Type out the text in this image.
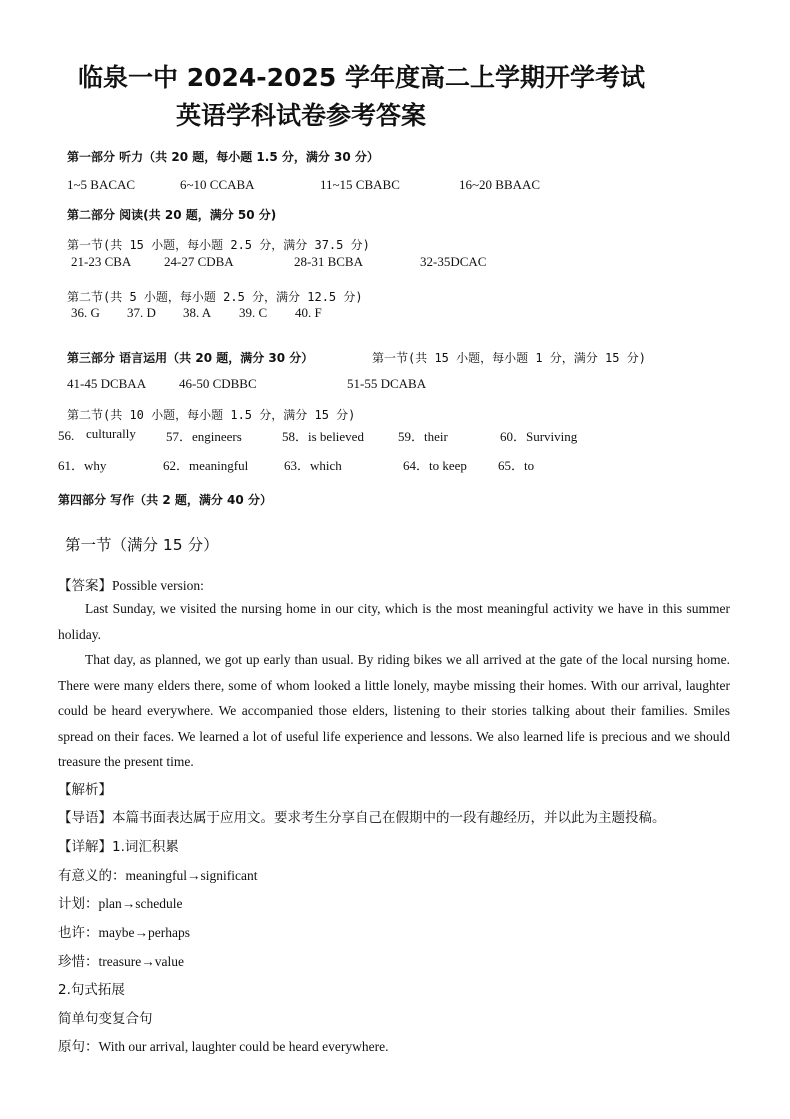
临泉一中 2024-2025 学年度高二上学期开学考试
英语学科试卷参考答案
第一部分 听力（共 20 题，每小题 1.5 分，满分 30 分）
1~5 BACAC	6~10 CCABA	11~15 CBABC	16~20 BBAAC
第二部分 阅读(共 20 题，满分 50 分)
第一节(共 15 小题，每小题 2.5 分，满分 37.5 分)
21-23 CBA	24-27 CDBA	28-31 BCBA	32-35DCAC
第二节(共 5 小题，每小题 2.5 分，满分 12.5 分)
36. G 37. D 38. A 39. C 40. F
第三部分 语言运用（共 20 题，满分 30 分）	第一节(共 15 小题，每小题 1 分，满分 15 分)
41-45 DCBAA	46-50 CDBBC	51-55 DCABA
第二节(共 10 小题，每小题 1.5 分，满分 15 分)
56. culturally 57．engineers	58．is believed	59．their	60．Surviving
61．why	62．meaningful	63．which	64．to keep 65．to
第四部分 写作（共 2 题，满分 40 分）
第一节（满分 15 分）
【答案】Possible version:
Last Sunday, we visited the nursing home in our city, which is the most meaningful activity we have in this summer holiday.
That day, as planned, we got up early than usual. By riding bikes we all arrived at the gate of the local nursing home. There were many elders there, some of whom looked a little lonely, maybe missing their homes. With our arrival, laughter could be heard everywhere. We accompanied those elders, listening to their stories talking about their families. Smiles spread on their faces. We learned a lot of useful life experience and lessons. We also learned life is precious and we should treasure the present time.
【解析】
【导语】本篇书面表达属于应用文。要求考生分享自己在假期中的一段有趣经历，并以此为主题投稿。
【详解】1.词汇积累
有意义的：meaningful→significant
计划：plan→schedule
也许：maybe→perhaps
珍惜：treasure→value
2.句式拓展
简单句变复合句
原句：With our arrival, laughter could be heard everywhere.
